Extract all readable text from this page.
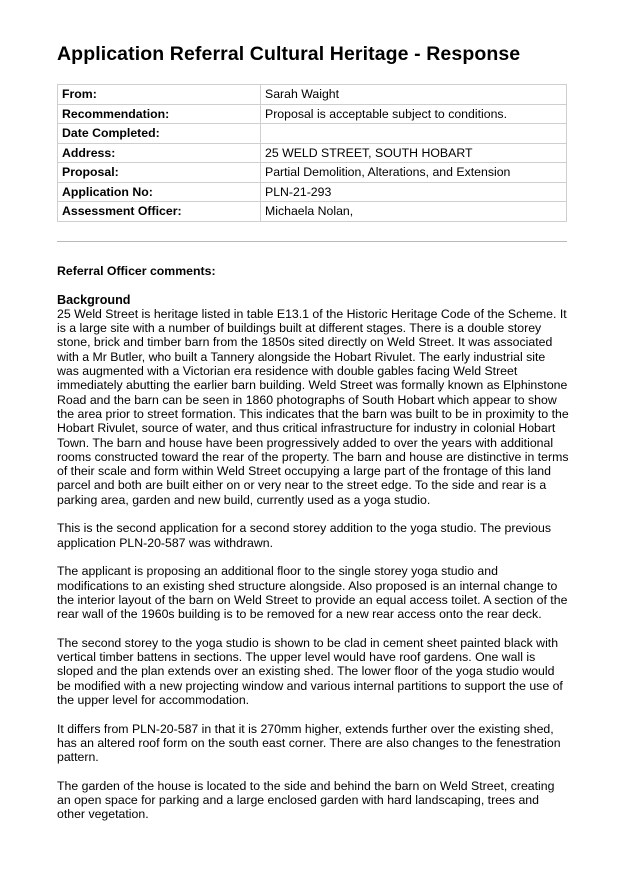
Application Referral Cultural Heritage - Response
From:	Sarah Waight
Recommendation:	Proposal is acceptable subject to conditions.
Date Completed:	
Address:	25 WELD STREET, SOUTH HOBART
Proposal:	Partial Demolition, Alterations, and Extension
Application No:	PLN-21-293
Assessment Officer:	Michaela Nolan,

Referral Officer comments:

Background

25 Weld Street is heritage listed in table E13.1 of the Historic Heritage Code of the Scheme. It is a large site with a number of buildings built at different stages. There is a double storey stone, brick and timber barn from the 1850s sited directly on Weld Street. It was associated with a Mr Butler, who built a Tannery alongside the Hobart Rivulet. The early industrial site was augmented with a Victorian era residence with double gables facing Weld Street immediately abutting the earlier barn building. Weld Street was formally known as Elphinstone Road and the barn can be seen in 1860 photographs of South Hobart which appear to show the area prior to street formation. This indicates that the barn was built to be in proximity to the Hobart Rivulet, source of water, and thus critical infrastructure for industry in colonial Hobart Town. The barn and house have been progressively added to over the years with additional rooms constructed toward the rear of the property. The barn and house are distinctive in terms of their scale and form within Weld Street occupying a large part of the frontage of this land parcel and both are built either on or very near to the street edge. To the side and rear is a parking area, garden and new build, currently used as a yoga studio.

This is the second application for a second storey addition to the yoga studio. The previous application PLN-20-587 was withdrawn.

The applicant is proposing an additional floor to the single storey yoga studio and modifications to an existing shed structure alongside. Also proposed is an internal change to the interior layout of the barn on Weld Street to provide an equal access toilet. A section of the rear wall of the 1960s building is to be removed for a new rear access onto the rear deck.

The second storey to the yoga studio is shown to be clad in cement sheet painted black with vertical timber battens in sections. The upper level would have roof gardens. One wall is sloped and the plan extends over an existing shed. The lower floor of the yoga studio would be modified with a new projecting window and various internal partitions to support the use of the upper level for accommodation.

It differs from PLN-20-587 in that it is 270mm higher, extends further over the existing shed, has an altered roof form on the south east corner. There are also changes to the fenestration pattern.

The garden of the house is located to the side and behind the barn on Weld Street, creating an open space for parking and a large enclosed garden with hard landscaping, trees and other vegetation.
